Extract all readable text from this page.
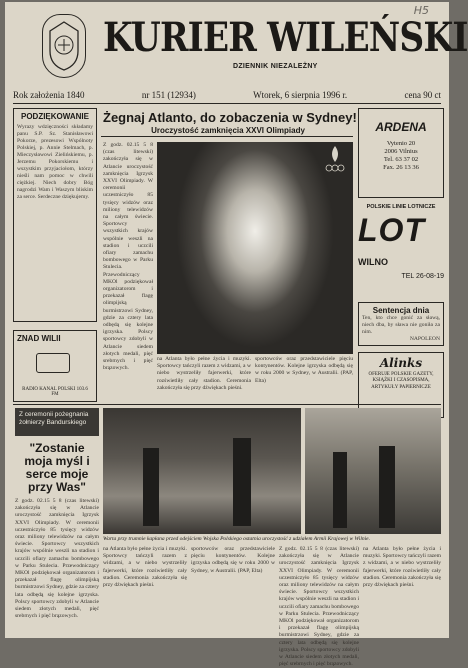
H5
KURIER WILEŃSKI
DZIENNIK NIEZALEŻNY
Rok założenia 1840	nr 151 (12934)	Wtorek, 6 sierpnia 1996 r.	cena 90 ct
PODZIĘKOWANIE
Wyrazy wdzięczności składamy panu S.P. Sz. Stanisławowi Pokorze, prezesowi Wspólnoty Polskiej, p. Annie Stelmach, p. Mieczysławowi Zielińskiemu, p. Jerzemu Pokorskiemu i wszystkim przyjaciołom, którzy nieśli nam pomoc w chwili ciężkiej. Niech dobry Bóg nagrodzi Wam i Waszym bliskim za serce. Serdeczne dziękujemy.
ZNAD WILII
RADIO KANAL POLSKI 103.6 FM
Żegnaj Atlanto, do zobaczenia w Sydney!
Uroczystość zamknięcia XXVI Olimpiady
Z godz. 02.15 5 8 (czas litewski) zakończyła się w Atlancie uroczystość zamknięcia Igrzysk XXVI Olimpiady. W ceremonii uczestniczyło 85 tysięcy widzów oraz miliony telewidzów na całym świecie. Sportowcy wszystkich krajów wspólnie weszli na stadion i uczcili ofiary zamachu bombowego w Parku Stulecia. Przewodniczący MKOl podziękował organizatorom i przekazał flagę olimpijską burmistrzowi Sydney, gdzie za cztery lata odbędą się kolejne igrzyska. Polscy sportowcy zdobyli w Atlancie siedem złotych medali, pięć srebrnych i pięć brązowych.
na Atlanta było pełne życia i muzyki. Sportowcy tańczyli razem z widzami, a w niebo wystrzeliły fajerwerki, które rozświetliły cały stadion. Ceremonia zakończyła się przy dźwiękach pieśni.
sportowców oraz przedstawiciele pięciu kontynentów. Kolejne igrzyska odbędą się w roku 2000 w Sydney, w Australii. (PAP, Elta)
ARDENA
Vytenio 20
2006 Vilnius
Tel. 63 37 02
Fax. 26 13 36
POLSKIE LINIE LOTNICZE
LOT
WILNO
TEL 26-08-19
Sentencja dnia
Ten, kto chce gonić za sławą, niech dba, by sława nie goniła za nim.
NAPOLEON
Alinks
OFERUJE POLSKIE GAZETY, KSIĄŻKI I CZASOPISMA, ARTYKUŁY PAPIERNICZE
Z ceremonii pożegnania żołnierzy Bandurskiego
"Zostanie moja myśl i serce moje przy Was"
Z godz. 02.15 5 8 (czas litewski) zakończyła się w Atlancie uroczystość zamknięcia Igrzysk XXVI Olimpiady. W ceremonii uczestniczyło 85 tysięcy widzów oraz miliony telewidzów na całym świecie. Sportowcy wszystkich krajów wspólnie weszli na stadion i uczcili ofiary zamachu bombowego w Parku Stulecia. Przewodniczący MKOl podziękował organizatorom i przekazał flagę olimpijską burmistrzowi Sydney, gdzie za cztery lata odbędą się kolejne igrzyska. Polscy sportowcy zdobyli w Atlancie siedem złotych medali, pięć srebrnych i pięć brązowych.
Warta przy trumnie kapłana przed odejściem Wojska Polskiego ostatnia uroczystość z udziałem Armii Krajowej w Wilnie.
na Atlanta było pełne życia i muzyki. Sportowcy tańczyli razem z widzami, a w niebo wystrzeliły fajerwerki, które rozświetliły cały stadion. Ceremonia zakończyła się przy dźwiękach pieśni.
sportowców oraz przedstawiciele pięciu kontynentów. Kolejne igrzyska odbędą się w roku 2000 w Sydney, w Australii. (PAP, Elta)
Z godz. 02.15 5 8 (czas litewski) zakończyła się w Atlancie uroczystość zamknięcia Igrzysk XXVI Olimpiady. W ceremonii uczestniczyło 85 tysięcy widzów oraz miliony telewidzów na całym świecie. Sportowcy wszystkich krajów wspólnie weszli na stadion i uczcili ofiary zamachu bombowego w Parku Stulecia. Przewodniczący MKOl podziękował organizatorom i przekazał flagę olimpijską burmistrzowi Sydney, gdzie za cztery lata odbędą się kolejne igrzyska. Polscy sportowcy zdobyli w Atlancie siedem złotych medali, pięć srebrnych i pięć brązowych.
na Atlanta było pełne życia i muzyki. Sportowcy tańczyli razem z widzami, a w niebo wystrzeliły fajerwerki, które rozświetliły cały stadion. Ceremonia zakończyła się przy dźwiękach pieśni.
